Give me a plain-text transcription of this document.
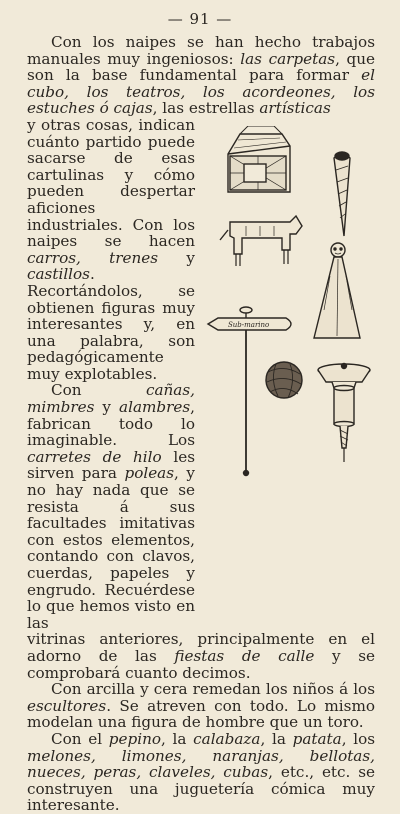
— 91 —

Con los naipes se han hecho trabajos manuales muy ingeniosos: las carpetas, que son la base fundamental para formar el cubo, los teatros, los acordeones, los estuches ó cajas, las estrellas artísticas

y otras cosas, indican cuánto partido puede sacarse de esas cartulinas y cómo pueden despertar aficiones industriales. Con los naipes se hacen carros, trenes y castillos. Recortándolos, se obtienen figuras muy interesantes y, en una palabra, son pedagógicamente muy explotables.

Con cañas, mimbres y alambres, fabrican todo lo imaginable. Los carretes de hilo les sirven para poleas, y no hay nada que se resista á sus facultades imitativas con estos elementos, contando con clavos, cuerdas, papeles y engrudo. Recuérdese lo que hemos visto en las

vitrinas anteriores, principalmente en el adorno de las fiestas de calle y se comprobará cuanto decimos.

Con arcilla y cera remedan los niños á los escultores. Se atreven con todo. Lo mismo modelan una figura de hombre que un toro.

Con el pepino, la calabaza, la patata, los melones, limones, naranjas, bellotas, nueces, peras, claveles, cubas, etc., etc. se construyen una juguetería cómica muy interesante.

Sub-marino
